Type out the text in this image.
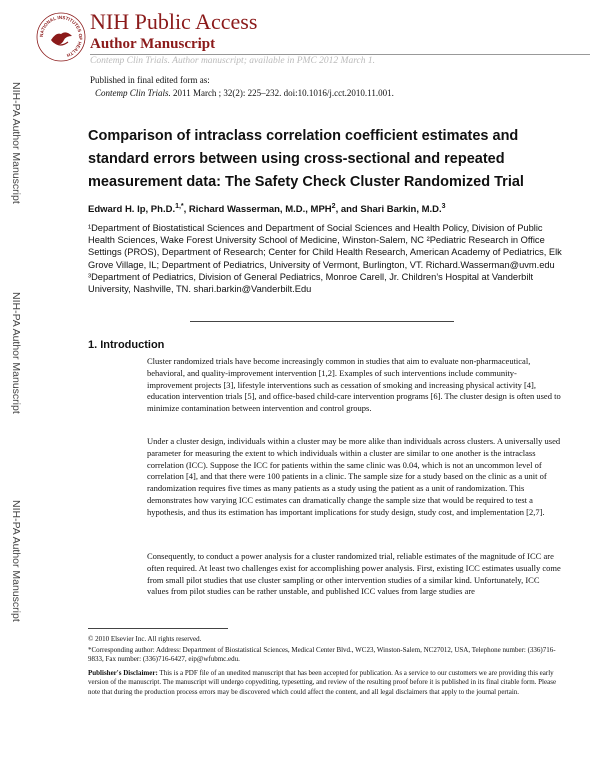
NATIONAL INSTITUTES OF HEALTH
NIH Public Access
Author Manuscript
Contemp Clin Trials. Author manuscript; available in PMC 2012 March 1.
Published in final edited form as:
Contemp Clin Trials. 2011 March ; 32(2): 225–232. doi:10.1016/j.cct.2010.11.001.
NIH-PA Author Manuscript
NIH-PA Author Manuscript
NIH-PA Author Manuscript
Comparison of intraclass correlation coefficient estimates and standard errors between using cross-sectional and repeated measurement data: The Safety Check Cluster Randomized Trial
Edward H. Ip, Ph.D.$^{1,*}$, Richard Wasserman, M.D., MPH$^2$, and Shari Barkin, M.D.$^3$
¹Department of Biostatistical Sciences and Department of Social Sciences and Health Policy, Division of Public Health Sciences, Wake Forest University School of Medicine, Winston-Salem, NC ²Pediatric Research in Office Settings (PROS), Department of Research; Center for Child Health Research, American Academy of Pediatrics, Elk Grove Village, IL; Department of Pediatrics, University of Vermont, Burlington, VT. Richard.Wasserman@uvm.edu ³Department of Pediatrics, Division of General Pediatrics, Monroe Carell, Jr. Children’s Hospital at Vanderbilt University, Nashville, TN. shari.barkin@Vanderbilt.Edu
1. Introduction
Cluster randomized trials have become increasingly common in studies that aim to evaluate non-pharmaceutical, behavioral, and quality-improvement intervention [1,2]. Examples of such interventions include community-improvement projects [3], lifestyle interventions such as cessation of smoking and increasing physical activity [4], education intervention trials [5], and office-based child-care intervention programs [6]. The cluster design is often used to minimize contamination between intervention and control groups.
Under a cluster design, individuals within a cluster may be more alike than individuals across clusters. A universally used parameter for measuring the extent to which individuals within a cluster are similar to one another is the intraclass correlation (ICC). Suppose the ICC for patients within the same clinic was 0.04, which is not an uncommon level of correlation [4], and that there were 100 patients in a clinic. The sample size for a study based on the clinic as a unit of randomization requires five times as many patients as a study using the patient as a unit of randomization. This demonstrates how varying ICC estimates can dramatically change the sample size that would be required to test a hypothesis, and thus its estimation has important implications for study design, study cost, and implementation [2,7].
Consequently, to conduct a power analysis for a cluster randomized trial, reliable estimates of the magnitude of ICC are often required. At least two challenges exist for accomplishing power analysis. First, existing ICC estimates usually come from small pilot studies that use cluster sampling or other intervention studies of a similar kind. Unfortunately, ICC values from pilot studies can be rather unstable, and published ICC values from large studies are
© 2010 Elsevier Inc. All rights reserved.
*Corresponding author: Address: Department of Biostatistical Sciences, Medical Center Blvd., WC23, Winston-Salem, NC27012, USA, Telephone number: (336)716-9833, Fax number: (336)716-6427, eip@wfubmc.edu.
Publisher's Disclaimer: This is a PDF file of an unedited manuscript that has been accepted for publication. As a service to our customers we are providing this early version of the manuscript. The manuscript will undergo copyediting, typesetting, and review of the resulting proof before it is published in its final citable form. Please note that during the production process errors may be discovered which could affect the content, and all legal disclaimers that apply to the journal pertain.
